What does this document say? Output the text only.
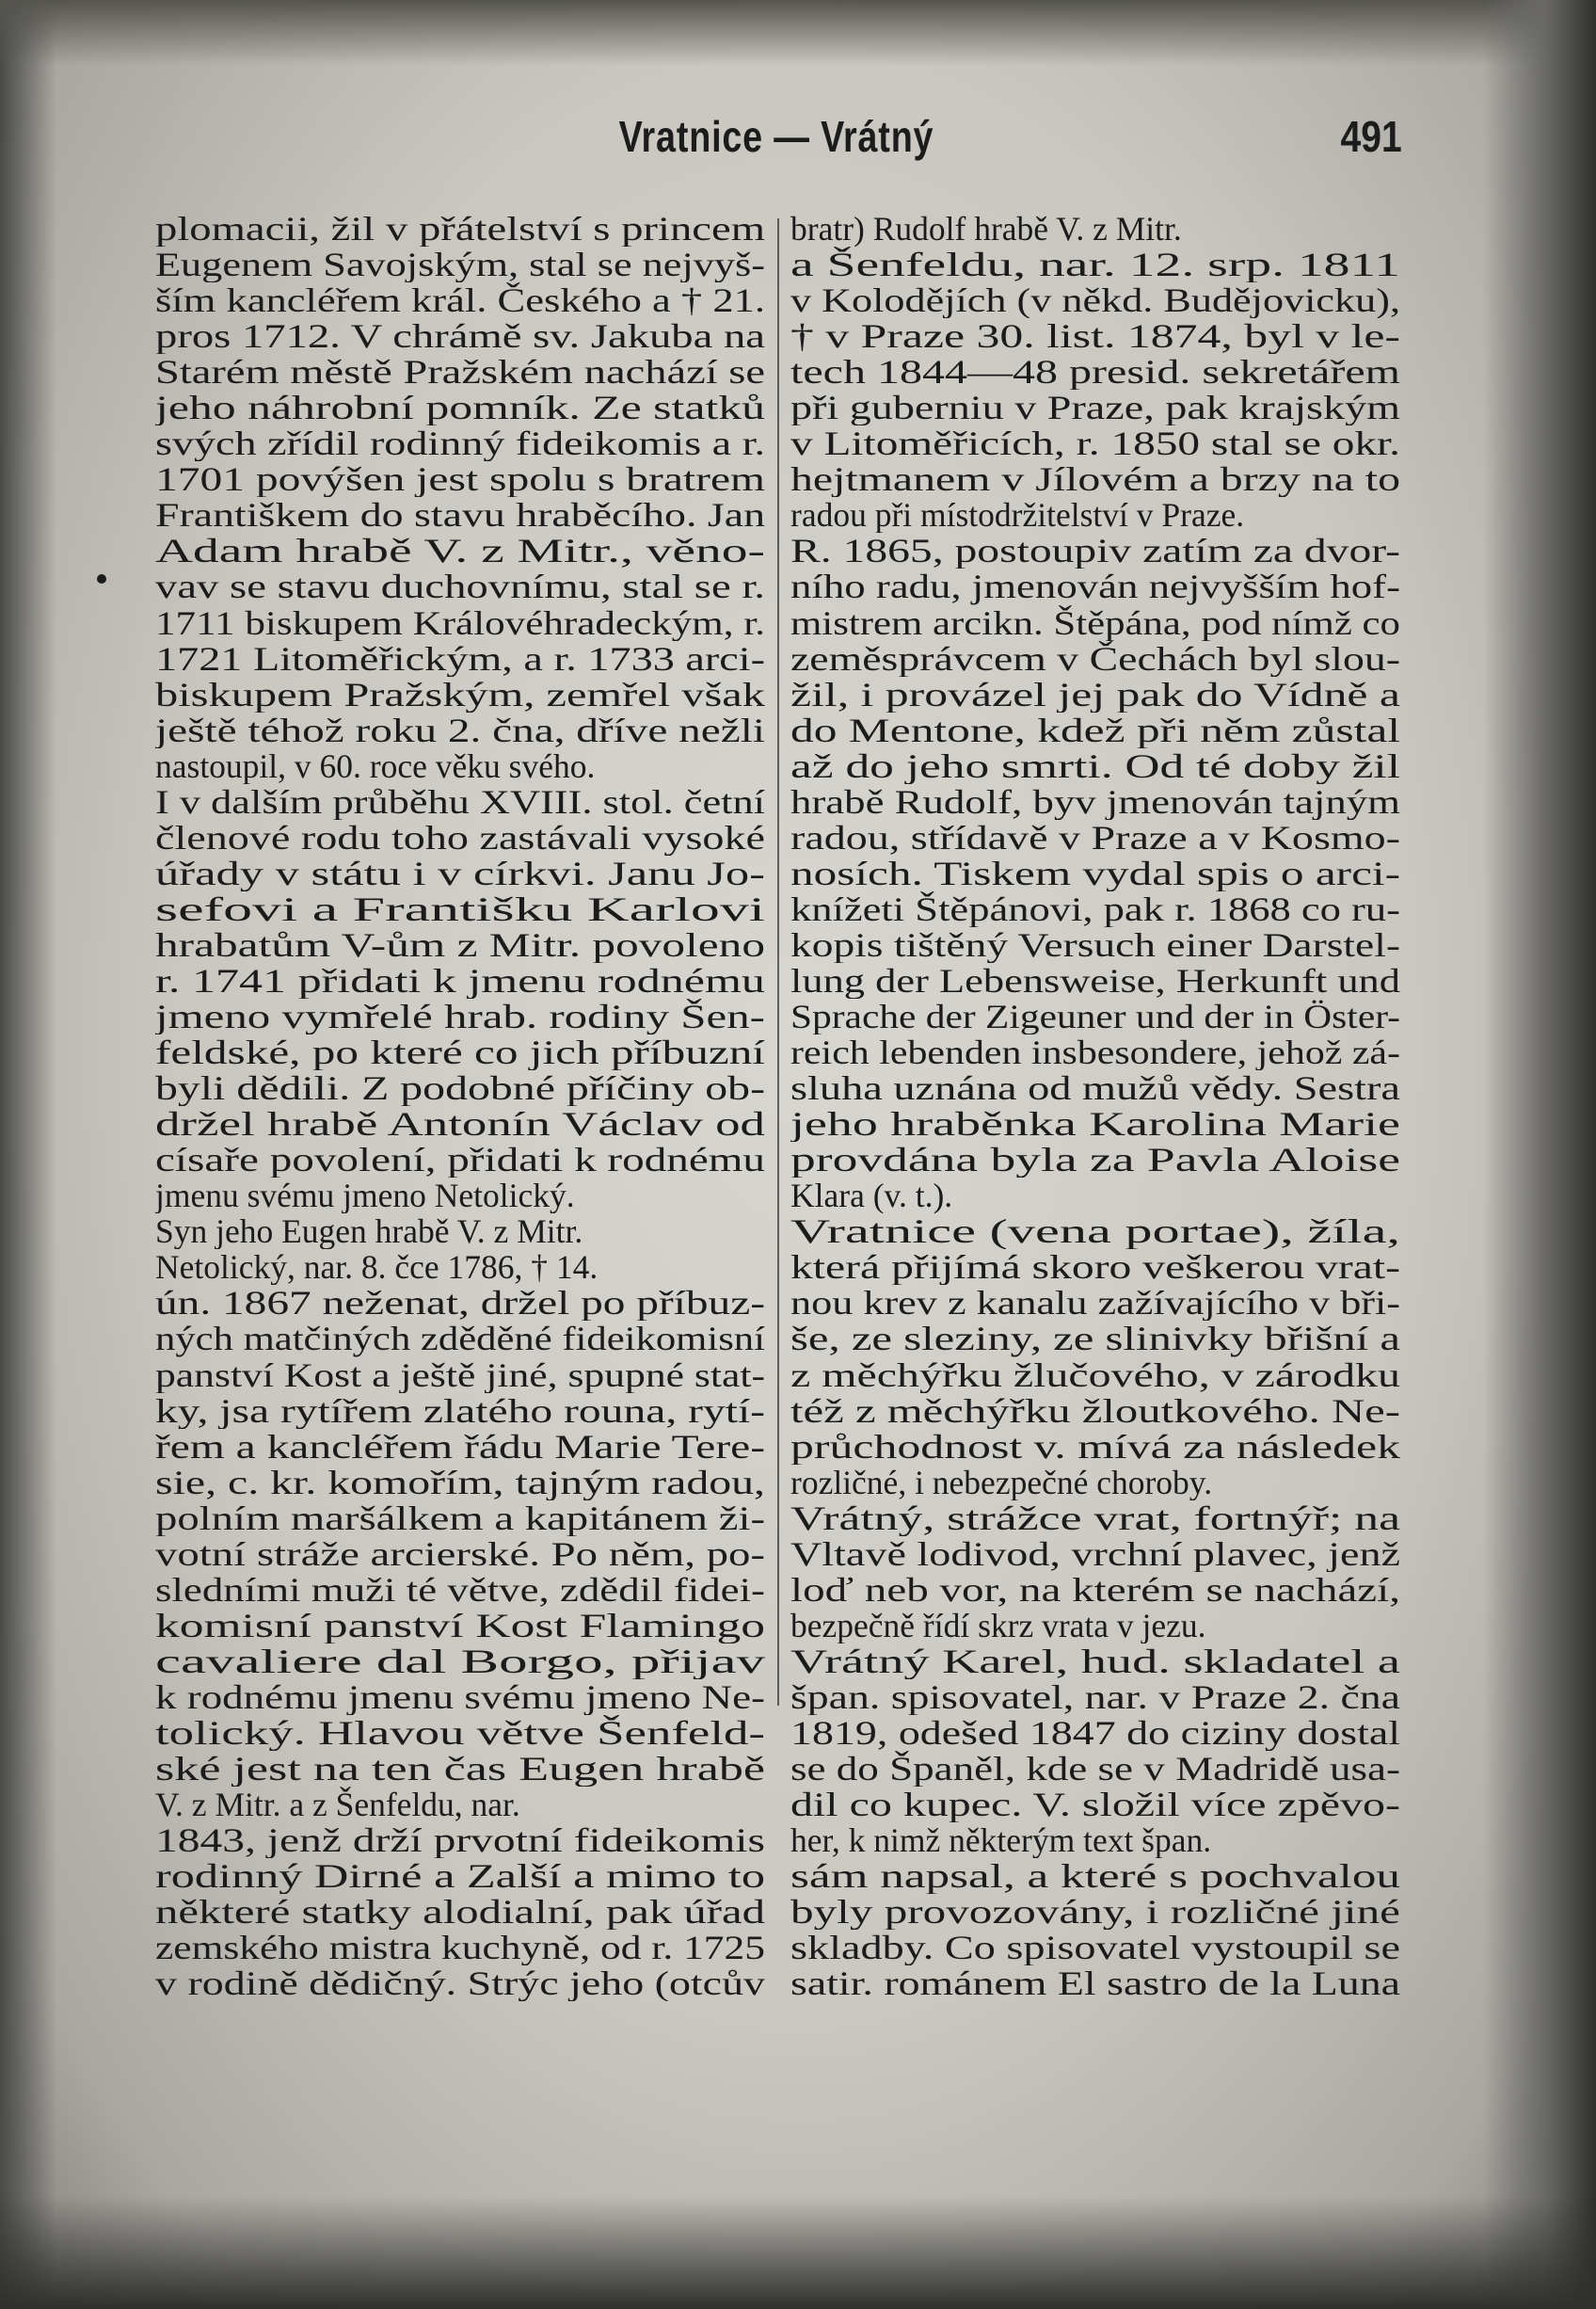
Vratnice — Vrátný	491
plomacii, žil v přátelství s princem
Eugenem Savojským, stal se nejvyš-
ším kancléřem král. Českého a † 21.
pros 1712. V chrámě sv. Jakuba na
Starém městě Pražském nachází se
jeho náhrobní pomník. Ze statků
svých zřídil rodinný fideikomis a r.
1701 povýšen jest spolu s bratrem
Františkem do stavu hraběcího. Jan
Adam hrabě V. z Mitr., věno-
vav se stavu duchovnímu, stal se r.
1711 biskupem Královéhradeckým, r.
1721 Litoměřickým, a r. 1733 arci-
biskupem Pražským, zemřel však
ještě téhož roku 2. čna, dříve nežli
nastoupil, v 60. roce věku svého.
I v dalším průběhu XVIII. stol. četní
členové rodu toho zastávali vysoké
úřady v státu i v církvi. Janu Jo-
sefovi a Františku Karlovi
hrabatům V-ům z Mitr. povoleno
r. 1741 přidati k jmenu rodnému
jmeno vymřelé hrab. rodiny Šen-
feldské, po které co jich příbuzní
byli dědili. Z podobné příčiny ob-
držel hrabě Antonín Václav od
císaře povolení, přidati k rodnému
jmenu svému jmeno Netolický.
Syn jeho Eugen hrabě V. z Mitr.
Netolický, nar. 8. čce 1786, † 14.
ún. 1867 neženat, držel po příbuz-
ných matčiných zděděné fideikomisní
panství Kost a ještě jiné, spupné stat-
ky, jsa rytířem zlatého rouna, rytí-
řem a kancléřem řádu Marie Tere-
sie, c. kr. komořím, tajným radou,
polním maršálkem a kapitánem ži-
votní stráže arcierské. Po něm, po-
sledními muži té větve, zdědil fidei-
komisní panství Kost Flamingo
cavaliere dal Borgo, přijav
k rodnému jmenu svému jmeno Ne-
tolický. Hlavou větve Šenfeld-
ské jest na ten čas Eugen hrabě
V. z Mitr. a z Šenfeldu, nar.
1843, jenž drží prvotní fideikomis
rodinný Dirné a Zalší a mimo to
některé statky alodialní, pak úřad
zemského mistra kuchyně, od r. 1725
v rodině dědičný. Strýc jeho (otcův
bratr) Rudolf hrabě V. z Mitr.
a Šenfeldu, nar. 12. srp. 1811
v Kolodějích (v někd. Budějovicku),
† v Praze 30. list. 1874, byl v le-
tech 1844—48 presid. sekretářem
při guberniu v Praze, pak krajským
v Litoměřicích, r. 1850 stal se okr.
hejtmanem v Jílovém a brzy na to
radou při místodržitelství v Praze.
R. 1865, postoupiv zatím za dvor-
ního radu, jmenován nejvyšším hof-
mistrem arcikn. Štěpána, pod nímž co
zeměsprávcem v Čechách byl slou-
žil, i provázel jej pak do Vídně a
do Mentone, kdež při něm zůstal
až do jeho smrti. Od té doby žil
hrabě Rudolf, byv jmenován tajným
radou, střídavě v Praze a v Kosmo-
nosích. Tiskem vydal spis o arci-
knížeti Štěpánovi, pak r. 1868 co ru-
kopis tištěný Versuch einer Darstel-
lung der Lebensweise, Herkunft und
Sprache der Zigeuner und der in Öster-
reich lebenden insbesondere, jehož zá-
sluha uznána od mužů vědy. Sestra
jeho hraběnka Karolina Marie
provdána byla za Pavla Aloise
Klara (v. t.).
Vratnice (vena portae), žíla,
která přijímá skoro veškerou vrat-
nou krev z kanalu zažívajícího v bři-
še, ze sleziny, ze slinivky břišní a
z měchýřku žlučového, v zárodku
též z měchýřku žloutkového. Ne-
průchodnost v. mívá za následek
rozličné, i nebezpečné choroby.
Vrátný, strážce vrat, fortnýř; na
Vltavě lodivod, vrchní plavec, jenž
loď neb vor, na kterém se nachází,
bezpečně řídí skrz vrata v jezu.
Vrátný Karel, hud. skladatel a
špan. spisovatel, nar. v Praze 2. čna
1819, odešed 1847 do ciziny dostal
se do Španěl, kde se v Madridě usa-
dil co kupec. V. složil více zpěvo-
her, k nimž některým text špan.
sám napsal, a které s pochvalou
byly provozovány, i rozličné jiné
skladby. Co spisovatel vystoupil se
satir. románem El sastro de la Luna
